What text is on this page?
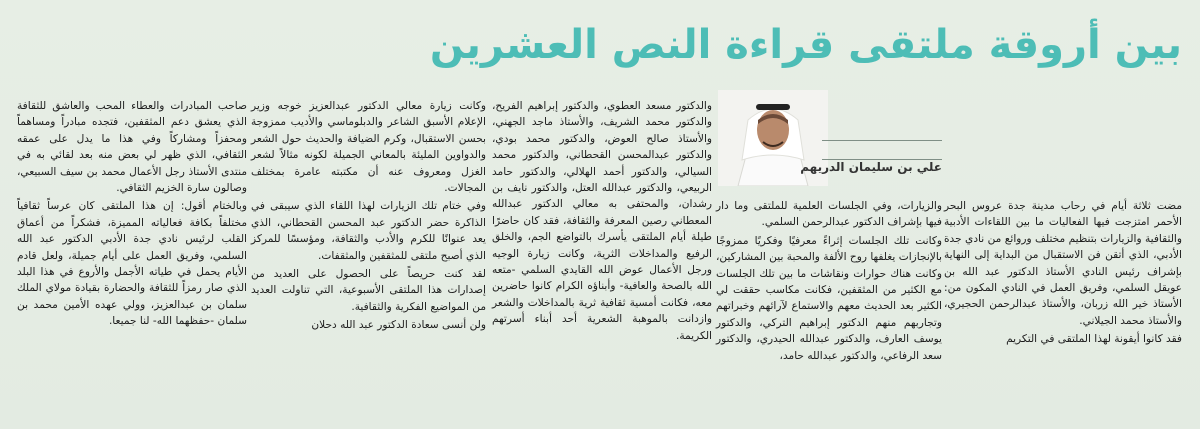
بين أروقة ملتقى قراءة النص العشرين
علي بن سليمان الدريهم

مضت ثلاثة أيام في رحاب مدينة جدة عروس البحر الأحمر امتزجت فيها الفعاليات ما بين اللقاءات الأدبية والثقافية والزيارات بتنظيم مختلف وروائع من نادي جدة الأدبي، الذي أتقن فن الاستقبال من البداية إلى النهاية بإشراف رئيس النادي الأستاذ الدكتور عبد الله بن عويقل السلمي، وفريق العمل في النادي المكون من: الأستاذ خير الله زربان، والأستاذ عبدالرحمن الحجيري، والأستاذ محمد الجيلاني.

فقد كانوا أيقونة لهذا الملتقى في التكريم

والزيارات، وفي الجلسات العلمية للملتقى وما دار فيها بإشراف الدكتور عبدالرحمن السلمي.

وكانت تلك الجلسات إثراءً معرفيًا وفكريًا ممزوجًا بالإنجازات يغلفها روح الألفة والمحبة بين المشاركين، وكانت هناك حوارات ونقاشات ما بين تلك الجلسات مع الكثير من المثقفين، فكانت مكاسب حققت لي الكثير بعد الحديث معهم والاستماع لآرائهم وخبراتهم وتجاربهم منهم الدكتور إبراهيم التركي، والدكتور يوسف العارف، والدكتور عبدالله الحيدري، والدكتور سعد الرفاعي، والدكتور عبدالله حامد،

والدكتور مسعد العطوي، والدكتور إبراهيم الفريح، والدكتور محمد الشريف، والأستاذ ماجد الجهني، والأستاذ صالح العوض، والدكتور محمد بودي، والدكتور عبدالمحسن القحطاني، والدكتور محمد السيالي، والدكتور أحمد الهلالي، والدكتور حامد الربيعي، والدكتور عبدالله العتل، والدكتور نايف بن رشدان، والمحتفى به معالي الدكتور عبدالله المعطاني رصين المعرفة والثقافة، فقد كان حاضرًا طيلة أيام الملتقى يأسرك بالتواضع الجم، والخلق الرفيع والمداخلات الثرية، وكانت زيارة الوجيه ورجل الأعمال عوض الله القايدي السلمي -متعه الله بالصحة والعافية- وأبناؤه الكرام كانوا حاضرين معه، فكانت أمسية ثقافية ثرية بالمداخلات والشعر وازدانت بالموهبة الشعرية أحد أبناء أسرتهم الكريمة.

وكانت زيارة معالي الدكتور عبدالعزيز خوجه وزير الإعلام الأسبق الشاعر والدبلوماسي والأديب ممزوجة بحسن الاستقبال، وكرم الضيافة والحديث حول الشعر والدواوين المليئة بالمعاني الجميلة لكونه مثالاً لشعر الغزل ومعروف عنه أن مكتبته عامرة بمختلف المجالات.

وفي ختام تلك الزيارات لهذا اللقاء الذي سيبقى في الذاكرة حضر الدكتور عبد المحسن القحطاني، الذي يعد عنوانًا للكرم والأدب والثقافة، ومؤسسًا للمركز الذي أصبح ملتقى للمثقفين والمثقفات.

لقد كنت حريصاً على الحصول على العديد من إصدارات هذا الملتقى الأسبوعية، التي تناولت العديد من المواضيع الفكرية والثقافية.

ولن أنسى سعادة الدكتور عبد الله دحلان

صاحب المبادرات والعطاء المحب والعاشق للثقافة الذي يعشق دعم المثقفين، فتجده مبادراً ومساهماً ومحفزاً ومشاركاً وفي هذا ما يدل على عمقه الثقافي، الذي ظهر لي بعض منه بعد لقائي به في منتدى الأستاذ رجل الأعمال محمد بن سيف السبيعي، وصالون سارة الخزيم الثقافي.

وبالختام أقول: إن هذا الملتقى كان عرساً ثقافياً مختلفاً بكافة فعالياته المميزة، فشكراً من أعماق القلب لرئيس نادي جدة الأدبي الدكتور عبد الله السلمي، وفريق العمل على أيام جميلة، ولعل قادم الأيام يحمل في طياته الأجمل والأروع في هذا البلد الذي صار رمزاً للثقافة والحضارة بقيادة مولاي الملك سلمان بن عبدالعزيز، وولي عهده الأمين محمد بن سلمان -حفظهما الله- لنا جميعا.
